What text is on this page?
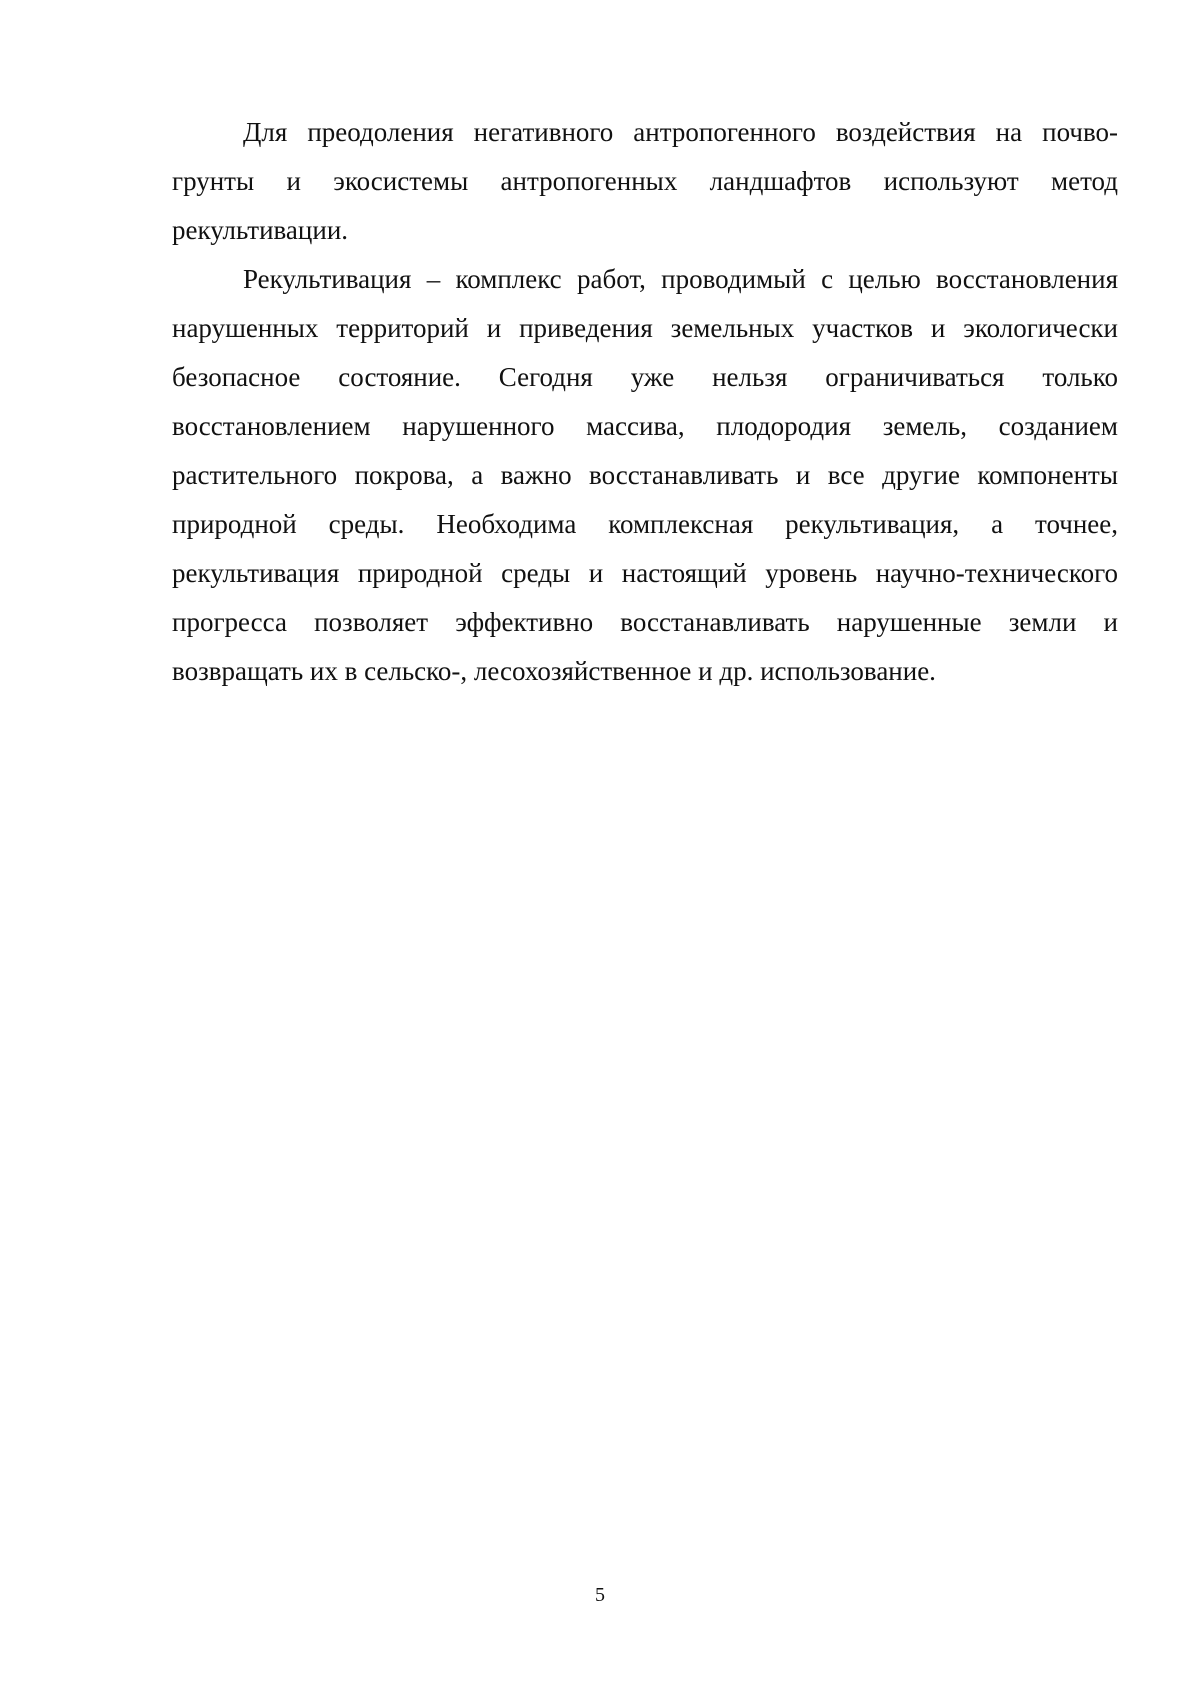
Для преодоления негативного антропогенного воздействия на почво-грунты и экосистемы антропогенных ландшафтов используют метод рекультивации.

Рекультивация – комплекс работ, проводимый с целью восстановления нарушенных территорий и приведения земельных участков и экологически безопасное состояние. Сегодня уже нельзя ограничиваться только восстановлением нарушенного массива, плодородия земель, созданием растительного покрова, а важно восстанавливать и все другие компоненты природной среды. Необходима комплексная рекультивация, а точнее, рекультивация природной среды и настоящий уровень научно-технического прогресса позволяет эффективно восстанавливать нарушенные земли и возвращать их в сельско-, лесохозяйственное и др. использование.

5
